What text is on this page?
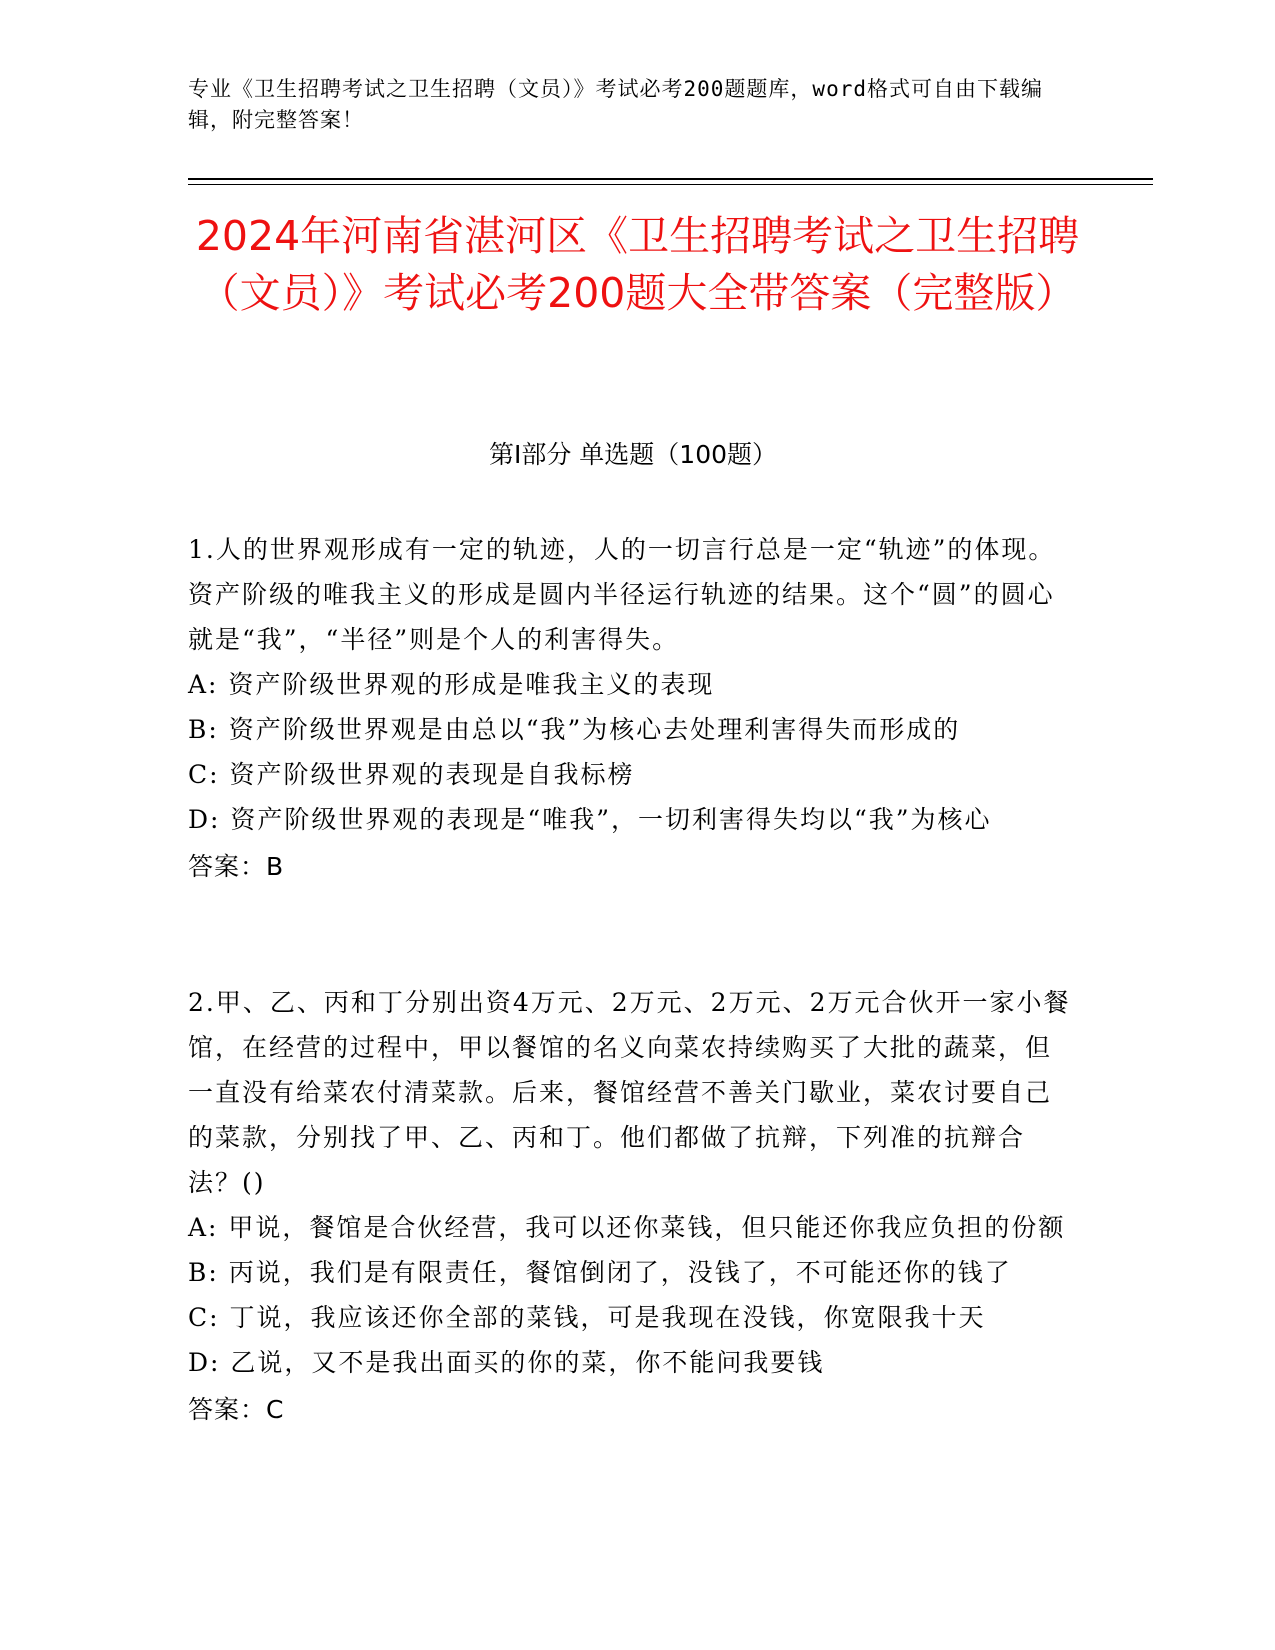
专业《卫生招聘考试之卫生招聘（文员）》考试必考200题题库，word格式可自由下载编辑，附完整答案！
2024年河南省湛河区《卫生招聘考试之卫生招聘（文员）》考试必考200题大全带答案（完整版）
第Ⅰ部分 单选题（100题）

1.人的世界观形成有一定的轨迹，人的一切言行总是一定“轨迹”的体现。资产阶级的唯我主义的形成是圆内半径运行轨迹的结果。这个“圆”的圆心就是“我”，“半径”则是个人的利害得失。

A: 资产阶级世界观的形成是唯我主义的表现

B: 资产阶级世界观是由总以“我”为核心去处理利害得失而形成的

C: 资产阶级世界观的表现是自我标榜

D: 资产阶级世界观的表现是“唯我”，一切利害得失均以“我”为核心

答案：B

2.甲、乙、丙和丁分别出资4万元、2万元、2万元、2万元合伙开一家小餐馆，在经营的过程中，甲以餐馆的名义向菜农持续购买了大批的蔬菜，但一直没有给菜农付清菜款。后来，餐馆经营不善关门歇业，菜农讨要自己的菜款，分别找了甲、乙、丙和丁。他们都做了抗辩，下列准的抗辩合法？()

A: 甲说，餐馆是合伙经营，我可以还你菜钱，但只能还你我应负担的份额

B: 丙说，我们是有限责任，餐馆倒闭了，没钱了，不可能还你的钱了

C: 丁说，我应该还你全部的菜钱，可是我现在没钱，你宽限我十天

D: 乙说，又不是我出面买的你的菜，你不能问我要钱

答案：C
